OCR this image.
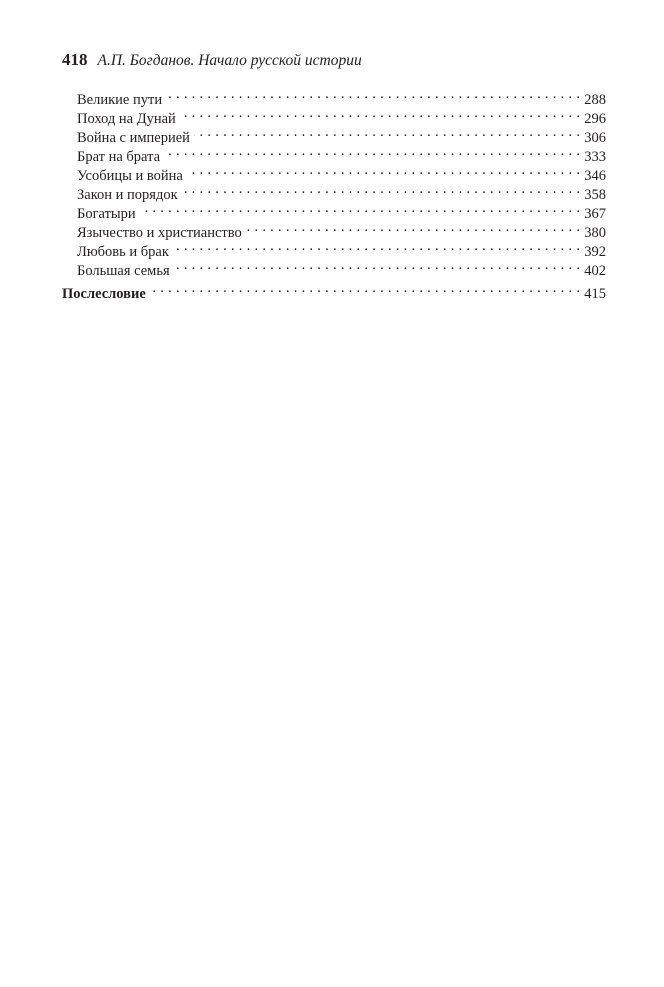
418 А.П. Богданов. Начало русской истории
Великие пути . . .	288
Поход на Дунай . . .	296
Война с империей . . .	306
Брат на брата . . .	333
Усобицы и война . . .	346
Закон и порядок . . .	358
Богатыри . . .	367
Язычество и христианство . . .	380
Любовь и брак . . .	392
Большая семья . . .	402
Послесловие . . .	415
